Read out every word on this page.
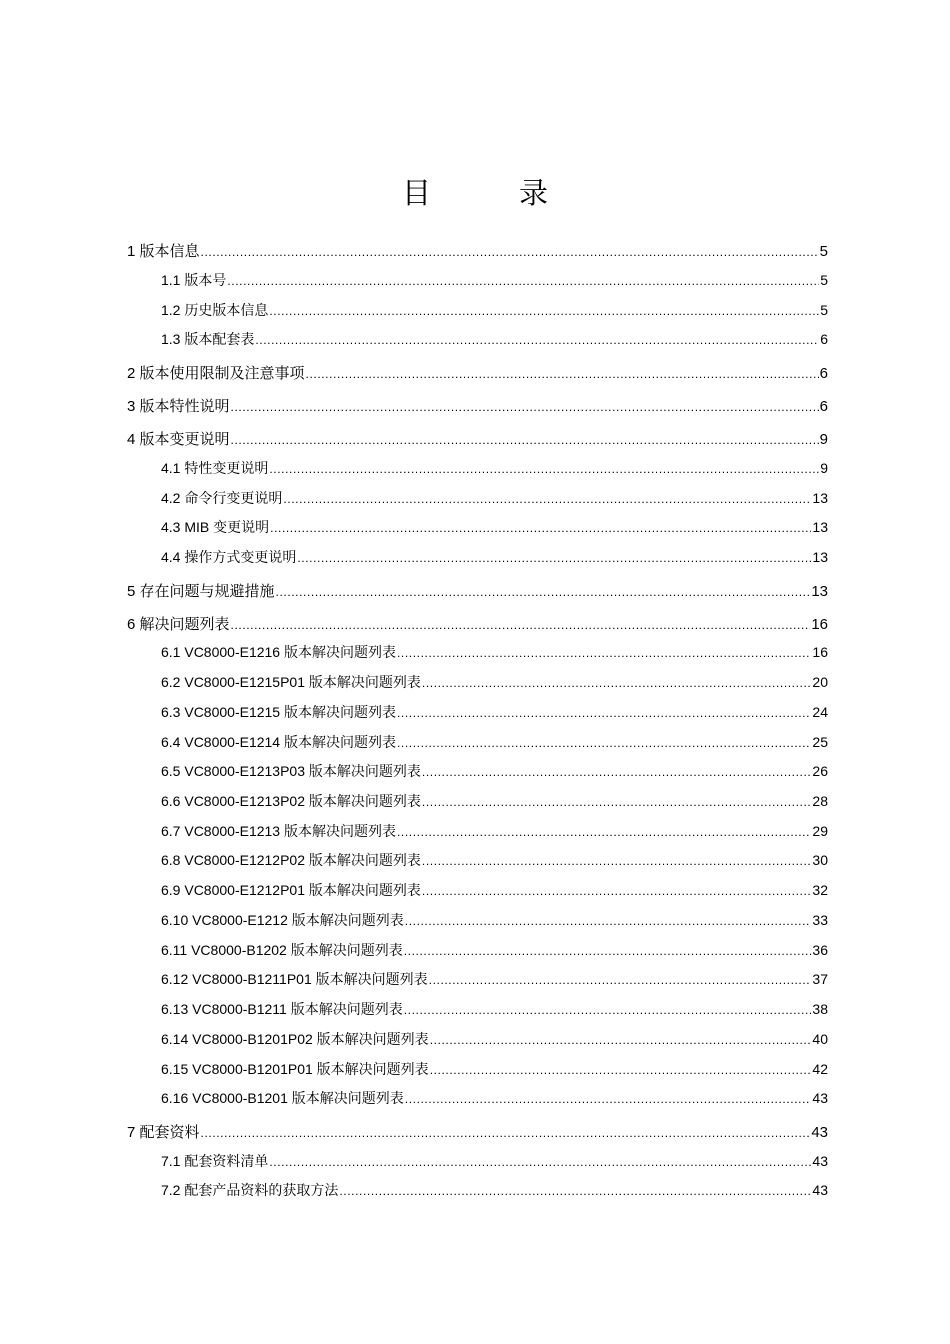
目 录
1 版本信息 .....	5
1.1 版本号 .....	5
1.2 历史版本信息 .....	5
1.3 版本配套表 .....	6
2 版本使用限制及注意事项 .....	6
3 版本特性说明 .....	6
4 版本变更说明 .....	9
4.1 特性变更说明 .....	9
4.2 命令行变更说明 .....	13
4.3 MIB 变更说明 .....	13
4.4 操作方式变更说明 .....	13
5 存在问题与规避措施 .....	13
6 解决问题列表 .....	16
6.1 VC8000-E1216 版本解决问题列表 .....	16
6.2 VC8000-E1215P01 版本解决问题列表 .....	20
6.3 VC8000-E1215 版本解决问题列表 .....	24
6.4 VC8000-E1214 版本解决问题列表 .....	25
6.5 VC8000-E1213P03 版本解决问题列表 .....	26
6.6 VC8000-E1213P02 版本解决问题列表 .....	28
6.7 VC8000-E1213 版本解决问题列表 .....	29
6.8 VC8000-E1212P02 版本解决问题列表 .....	30
6.9 VC8000-E1212P01 版本解决问题列表 .....	32
6.10 VC8000-E1212 版本解决问题列表 .....	33
6.11 VC8000-B1202 版本解决问题列表 .....	36
6.12 VC8000-B1211P01 版本解决问题列表 .....	37
6.13 VC8000-B1211 版本解决问题列表 .....	38
6.14 VC8000-B1201P02 版本解决问题列表 .....	40
6.15 VC8000-B1201P01 版本解决问题列表 .....	42
6.16 VC8000-B1201 版本解决问题列表 .....	43
7 配套资料 .....	43
7.1 配套资料清单 .....	43
7.2 配套产品资料的获取方法 .....	43
